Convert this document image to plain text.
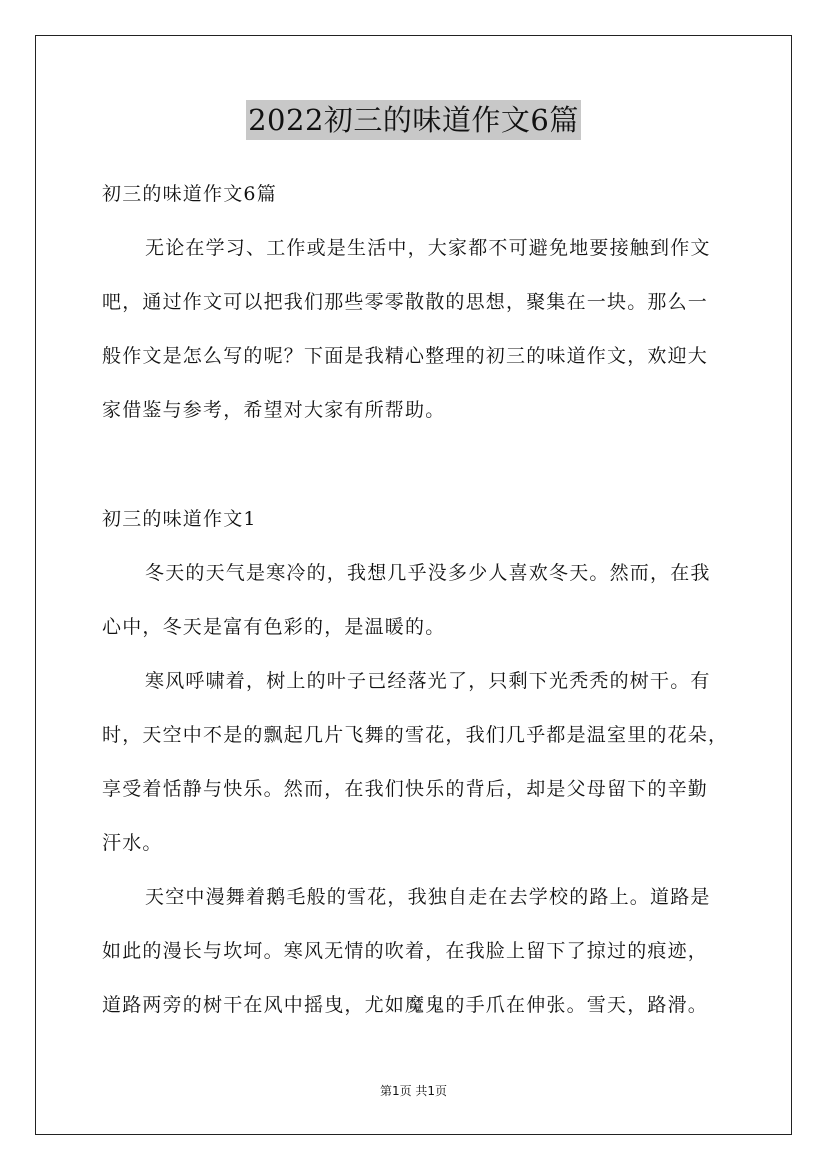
2022初三的味道作文6篇
初三的味道作文6篇
无论在学习、工作或是生活中，大家都不可避免地要接触到作文
吧，通过作文可以把我们那些零零散散的思想，聚集在一块。那么一
般作文是怎么写的呢？下面是我精心整理的初三的味道作文，欢迎大
家借鉴与参考，希望对大家有所帮助。
初三的味道作文1
冬天的天气是寒冷的，我想几乎没多少人喜欢冬天。然而，在我
心中，冬天是富有色彩的，是温暖的。
寒风呼啸着，树上的叶子已经落光了，只剩下光秃秃的树干。有
时，天空中不是的飘起几片飞舞的雪花，我们几乎都是温室里的花朵，
享受着恬静与快乐。然而，在我们快乐的背后，却是父母留下的辛勤
汗水。
天空中漫舞着鹅毛般的雪花，我独自走在去学校的路上。道路是
如此的漫长与坎坷。寒风无情的吹着，在我脸上留下了掠过的痕迹，
道路两旁的树干在风中摇曳，尤如魔鬼的手爪在伸张。雪天，路滑。
第1页 共1页
